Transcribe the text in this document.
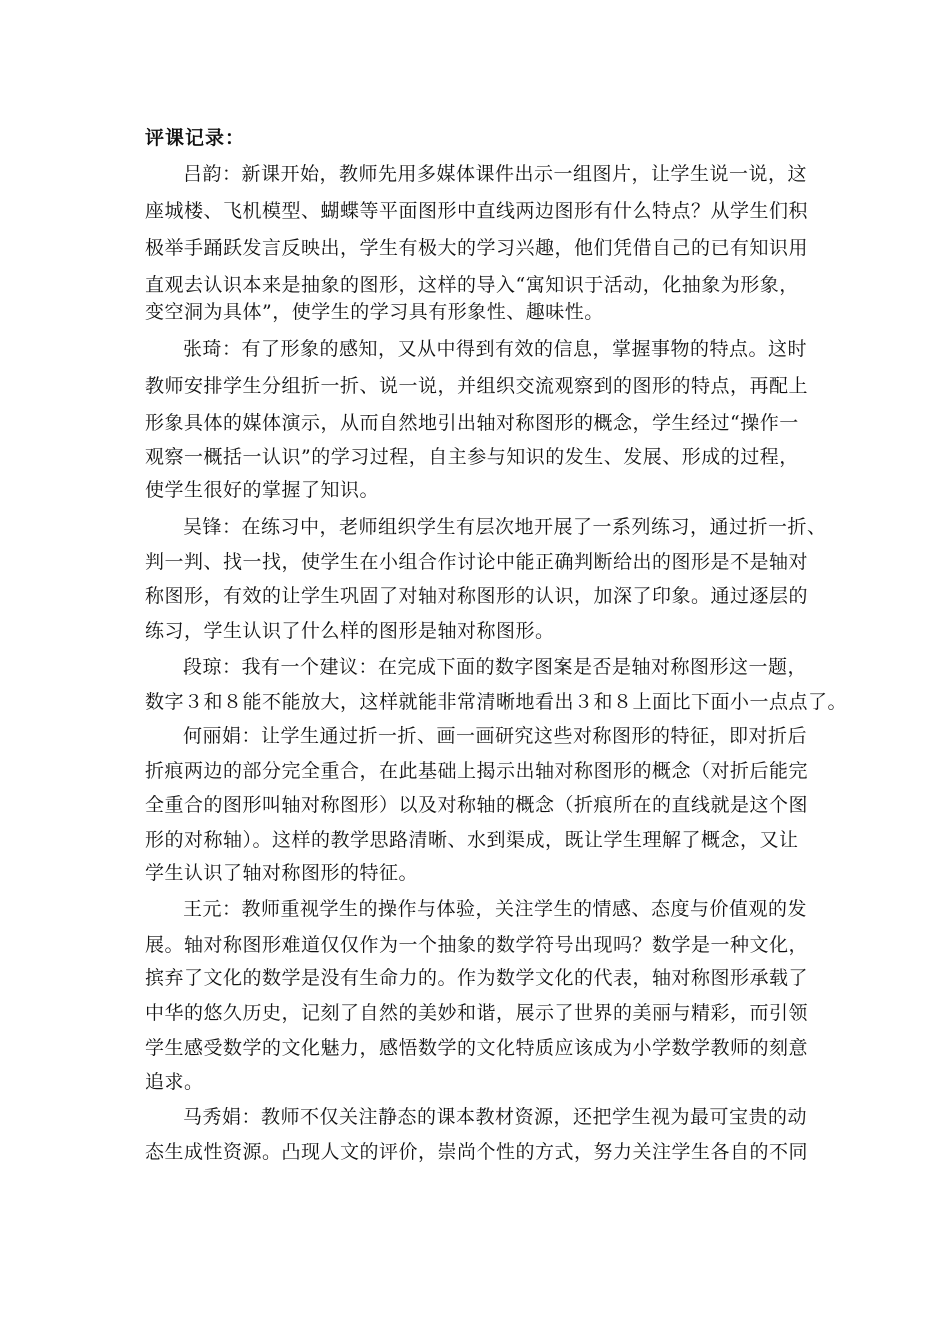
评课记录：
吕韵：新课开始，教师先用多媒体课件出示一组图片，让学生说一说，这
座城楼、飞机模型、蝴蝶等平面图形中直线两边图形有什么特点？从学生们积
极举手踊跃发言反映出，学生有极大的学习兴趣，他们凭借自己的已有知识用
直观去认识本来是抽象的图形，这样的导入“寓知识于活动，化抽象为形象，
变空洞为具体”，使学生的学习具有形象性、趣味性。
张琦：有了形象的感知，又从中得到有效的信息，掌握事物的特点。这时
教师安排学生分组折一折、说一说，并组织交流观察到的图形的特点，再配上
形象具体的媒体演示，从而自然地引出轴对称图形的概念，学生经过“操作一
观察一概括一认识”的学习过程，自主参与知识的发生、发展、形成的过程，
使学生很好的掌握了知识。
吴锋：在练习中，老师组织学生有层次地开展了一系列练习，通过折一折、
判一判、找一找，使学生在小组合作讨论中能正确判断给出的图形是不是轴对
称图形，有效的让学生巩固了对轴对称图形的认识，加深了印象。通过逐层的
练习，学生认识了什么样的图形是轴对称图形。
段琼：我有一个建议：在完成下面的数字图案是否是轴对称图形这一题，
数字３和８能不能放大，这样就能非常清晰地看出３和８上面比下面小一点点了。
何丽娟：让学生通过折一折、画一画研究这些对称图形的特征，即对折后
折痕两边的部分完全重合，在此基础上揭示出轴对称图形的概念（对折后能完
全重合的图形叫轴对称图形）以及对称轴的概念（折痕所在的直线就是这个图
形的对称轴）。这样的教学思路清晰、水到渠成，既让学生理解了概念，又让
学生认识了轴对称图形的特征。
王元：教师重视学生的操作与体验，关注学生的情感、态度与价值观的发
展。轴对称图形难道仅仅作为一个抽象的数学符号出现吗？数学是一种文化，
摈弃了文化的数学是没有生命力的。作为数学文化的代表，轴对称图形承载了
中华的悠久历史，记刻了自然的美妙和谐，展示了世界的美丽与精彩，而引领
学生感受数学的文化魅力，感悟数学的文化特质应该成为小学数学教师的刻意
追求。
马秀娟：教师不仅关注静态的课本教材资源，还把学生视为最可宝贵的动
态生成性资源。凸现人文的评价，崇尚个性的方式，努力关注学生各自的不同
